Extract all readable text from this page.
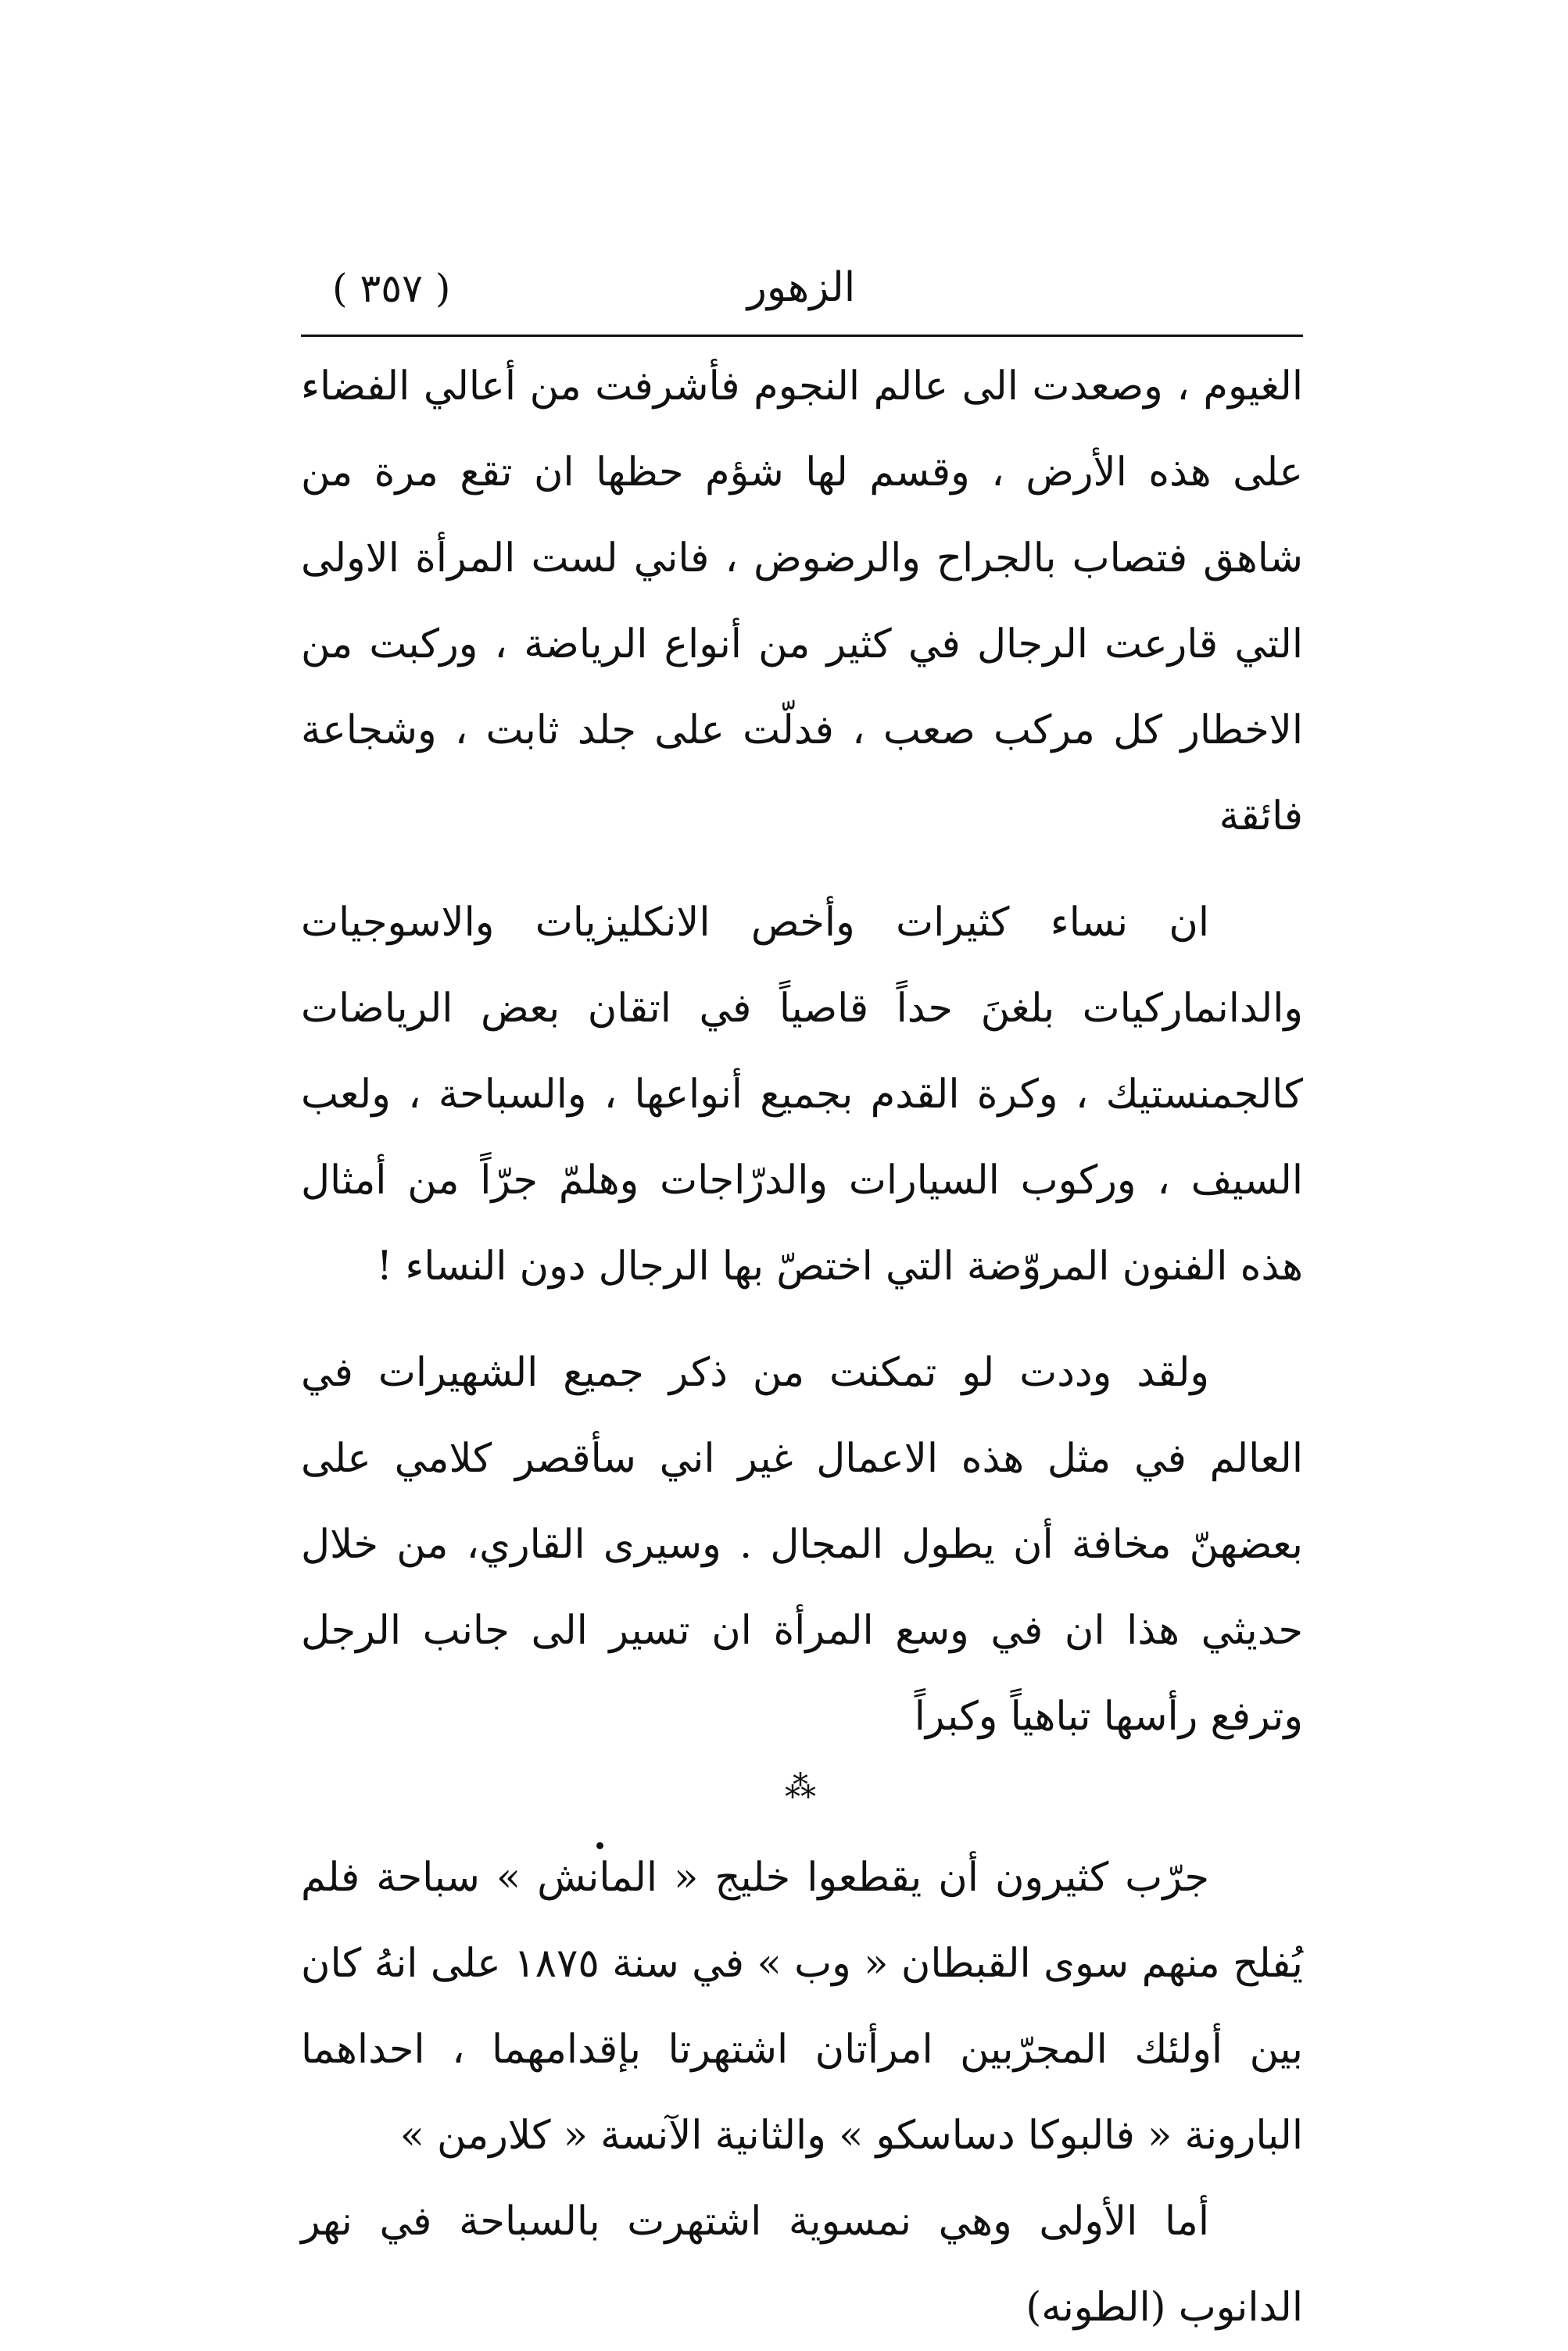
( ٣٥٧ )	الزهور

الغيوم ، وصعدت الى عالم النجوم فأشرفت من أعالي الفضاء على هذه الأرض ، وقسم لها شؤم حظها ان تقع مرة من شاهق فتصاب بالجراح والرضوض ، فاني لست المرأة الاولى التي قارعت الرجال في كثير من أنواع الرياضة ، وركبت من الاخطار كل مركب صعب ، فدلّت على جلد ثابت ، وشجاعة فائقة

ان نساء كثيرات وأخص الانكليزيات والاسوجيات والدانماركيات بلغنَ حداً قاصياً في اتقان بعض الرياضات كالجمنستيك ، وكرة القدم بجميع أنواعها ، والسباحة ، ولعب السيف ، وركوب السيارات والدرّاجات وهلمّ جرّاً من أمثال هذه الفنون المروّضة التي اختصّ بها الرجال دون النساء !

ولقد وددت لو تمكنت من ذكر جميع الشهيرات في العالم في مثل هذه الاعمال غير اني سأقصر كلامي على بعضهنّ مخافة أن يطول المجال . وسيرى القاري، من خلال حديثي هذا ان في وسع المرأة ان تسير الى جانب الرجل وترفع رأسها تباهياً وكبراً

⁂

جرّب كثيرون أن يقطعوا خليج « المانش » سباحة فلم يُفلح منهم سوى القبطان « وب » في سنة ١٨٧٥ على انهُ كان بين أولئك المجرّبين امرأتان اشتهرتا بإقدامهما ، احداهما البارونة « فالبوكا دساسكو » والثانية الآنسة « كلارمن »

أما الأولى وهي نمسوية اشتهرت بالسباحة في نهر الدانوب (الطونه)
